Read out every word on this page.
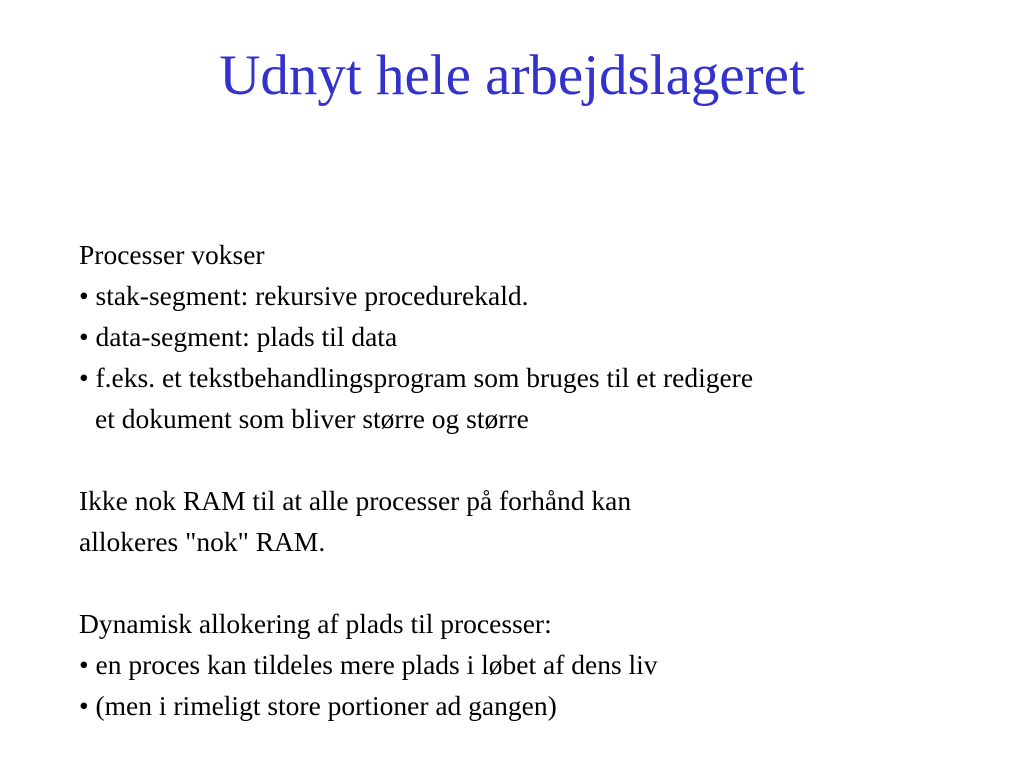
Udnyt hele arbejdslageret
Processer vokser
• stak-segment: rekursive procedurekald.
• data-segment: plads til data
• f.eks. et tekstbehandlingsprogram som bruges til et redigere
et dokument som bliver større og større
Ikke nok RAM til at alle processer på forhånd kan
allokeres "nok" RAM.
Dynamisk allokering af plads til processer:
• en proces kan tildeles mere plads i løbet af dens liv
• (men i rimeligt store portioner ad gangen)
